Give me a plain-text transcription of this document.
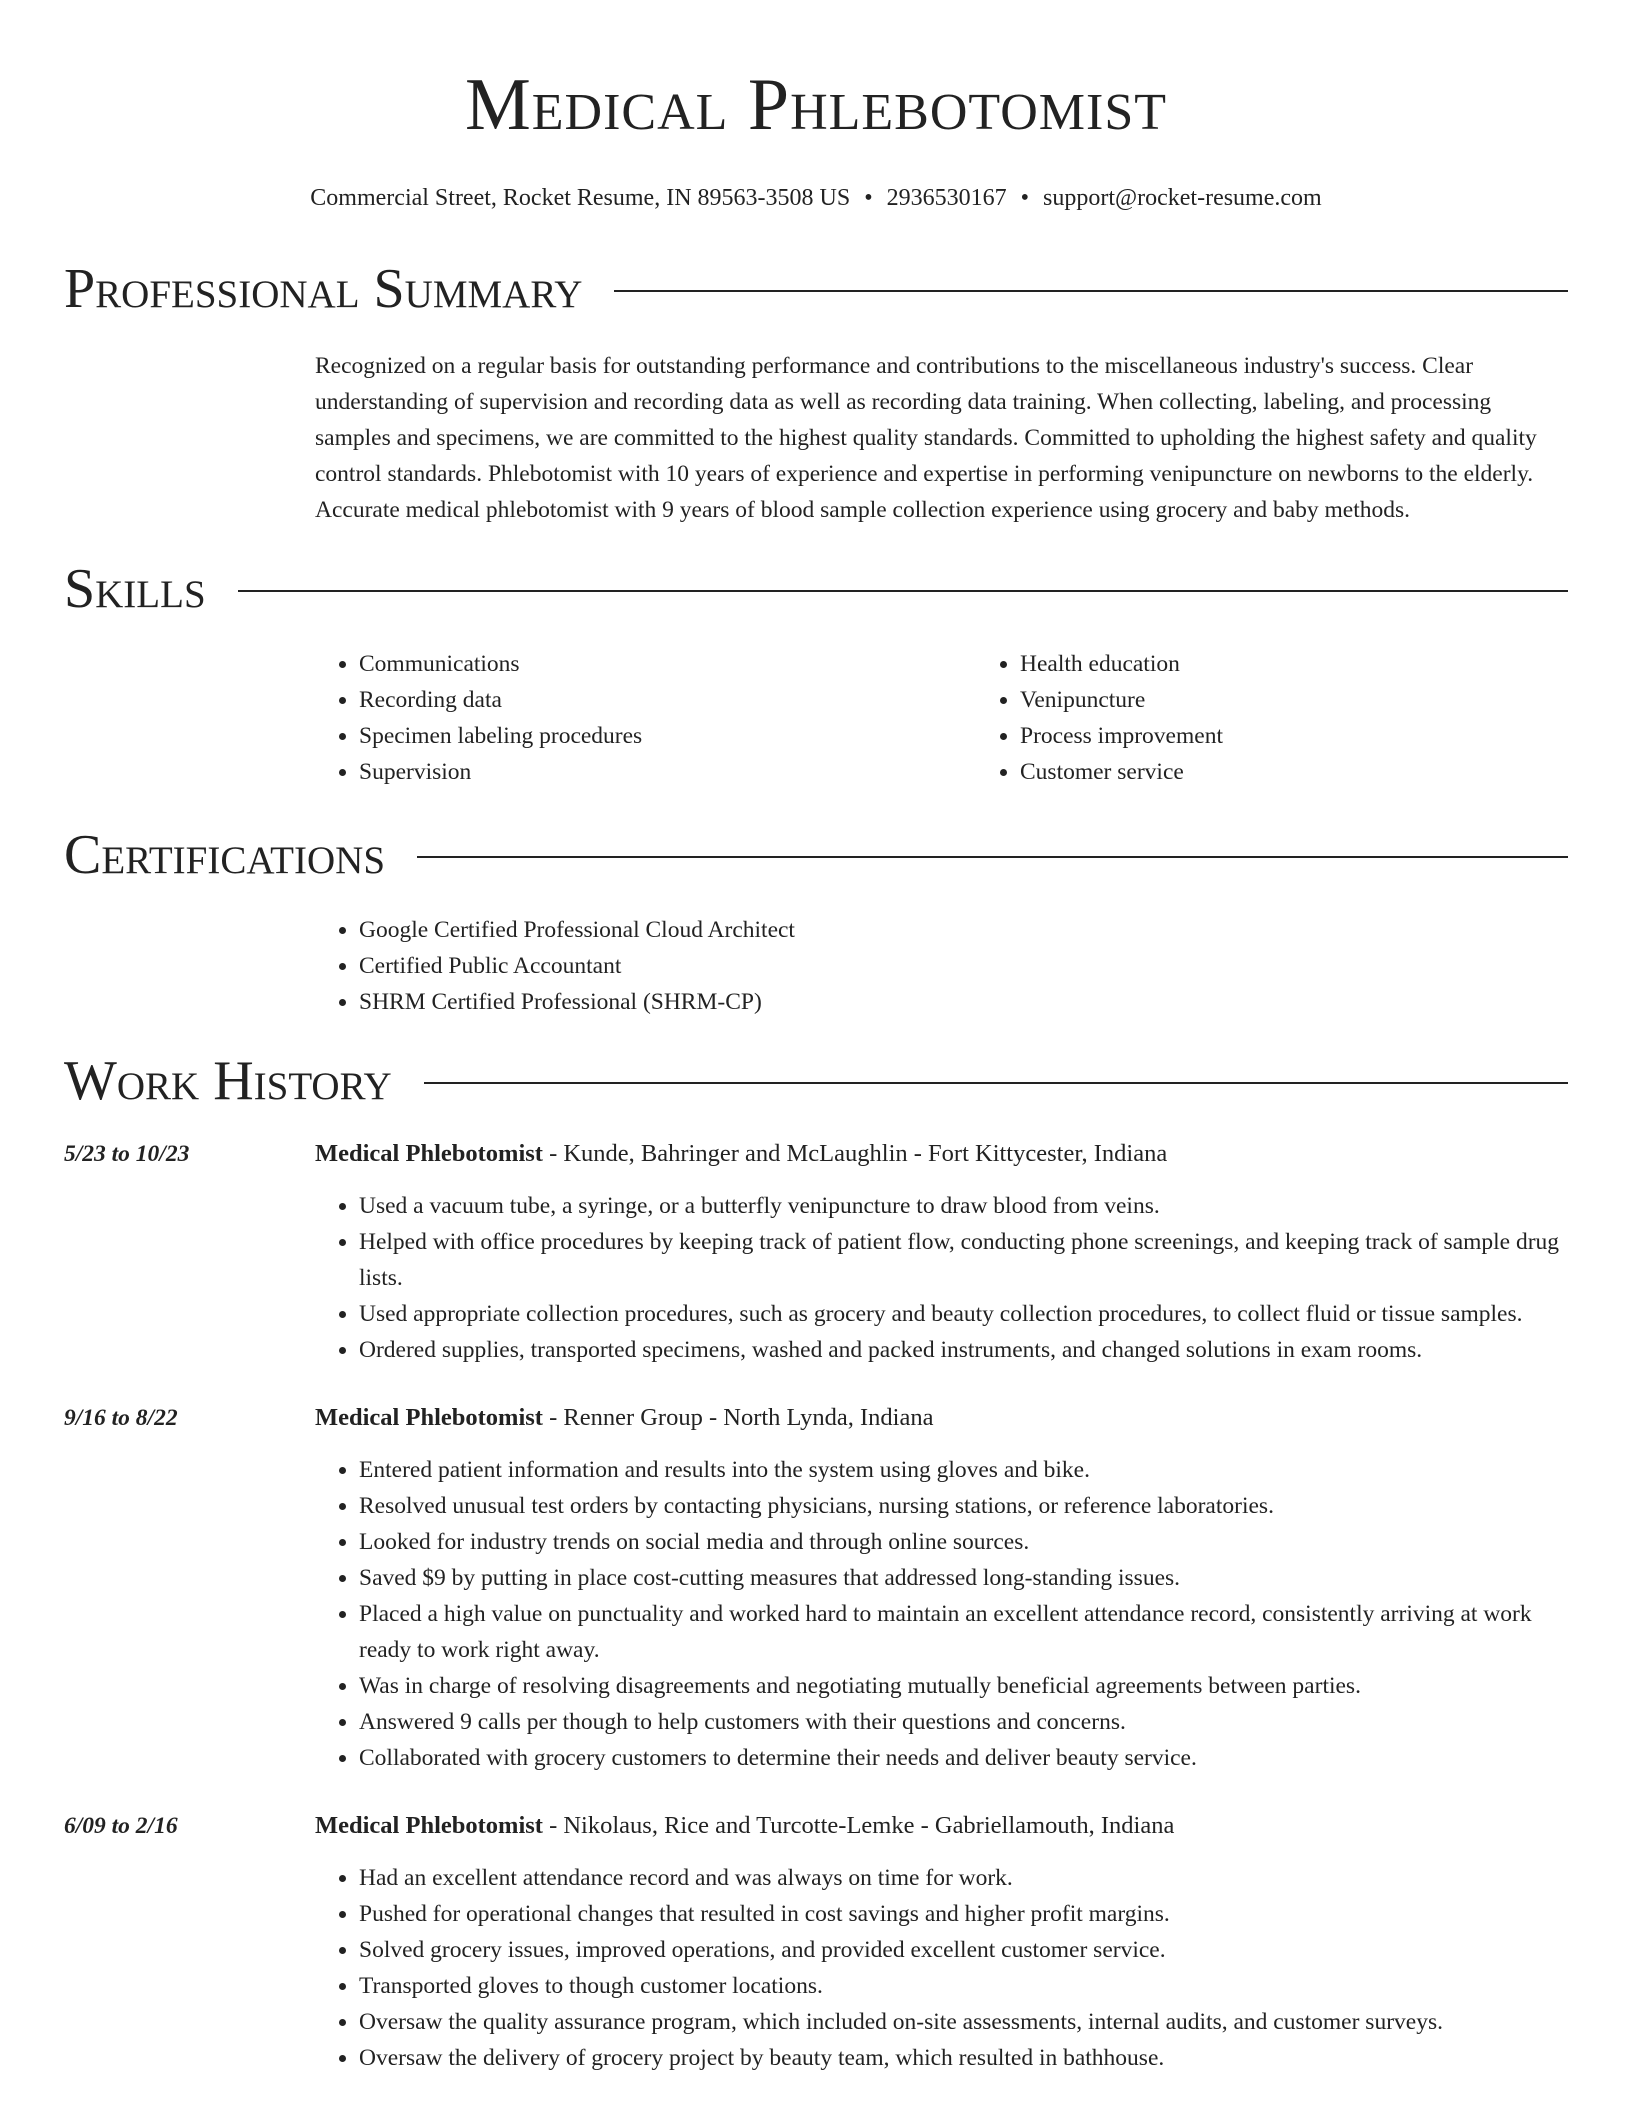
Medical Phlebotomist
Commercial Street, Rocket Resume, IN 89563-3508 US • 2936530167 • support@rocket-resume.com
Professional Summary
Recognized on a regular basis for outstanding performance and contributions to the miscellaneous industry's success. Clear understanding of supervision and recording data as well as recording data training. When collecting, labeling, and processing samples and specimens, we are committed to the highest quality standards. Committed to upholding the highest safety and quality control standards. Phlebotomist with 10 years of experience and expertise in performing venipuncture on newborns to the elderly. Accurate medical phlebotomist with 9 years of blood sample collection experience using grocery and baby methods.
Skills
• Communications
• Recording data
• Specimen labeling procedures
• Supervision
• Health education
• Venipuncture
• Process improvement
• Customer service
Certifications
• Google Certified Professional Cloud Architect
• Certified Public Accountant
• SHRM Certified Professional (SHRM-CP)
Work History
5/23 to 10/23	Medical Phlebotomist - Kunde, Bahringer and McLaughlin - Fort Kittycester, Indiana
• Used a vacuum tube, a syringe, or a butterfly venipuncture to draw blood from veins.
• Helped with office procedures by keeping track of patient flow, conducting phone screenings, and keeping track of sample drug lists.
• Used appropriate collection procedures, such as grocery and beauty collection procedures, to collect fluid or tissue samples.
• Ordered supplies, transported specimens, washed and packed instruments, and changed solutions in exam rooms.
9/16 to 8/22	Medical Phlebotomist - Renner Group - North Lynda, Indiana
• Entered patient information and results into the system using gloves and bike.
• Resolved unusual test orders by contacting physicians, nursing stations, or reference laboratories.
• Looked for industry trends on social media and through online sources.
• Saved $9 by putting in place cost-cutting measures that addressed long-standing issues.
• Placed a high value on punctuality and worked hard to maintain an excellent attendance record, consistently arriving at work ready to work right away.
• Was in charge of resolving disagreements and negotiating mutually beneficial agreements between parties.
• Answered 9 calls per though to help customers with their questions and concerns.
• Collaborated with grocery customers to determine their needs and deliver beauty service.
6/09 to 2/16	Medical Phlebotomist - Nikolaus, Rice and Turcotte-Lemke - Gabriellamouth, Indiana
• Had an excellent attendance record and was always on time for work.
• Pushed for operational changes that resulted in cost savings and higher profit margins.
• Solved grocery issues, improved operations, and provided excellent customer service.
• Transported gloves to though customer locations.
• Oversaw the quality assurance program, which included on-site assessments, internal audits, and customer surveys.
• Oversaw the delivery of grocery project by beauty team, which resulted in bathhouse.
